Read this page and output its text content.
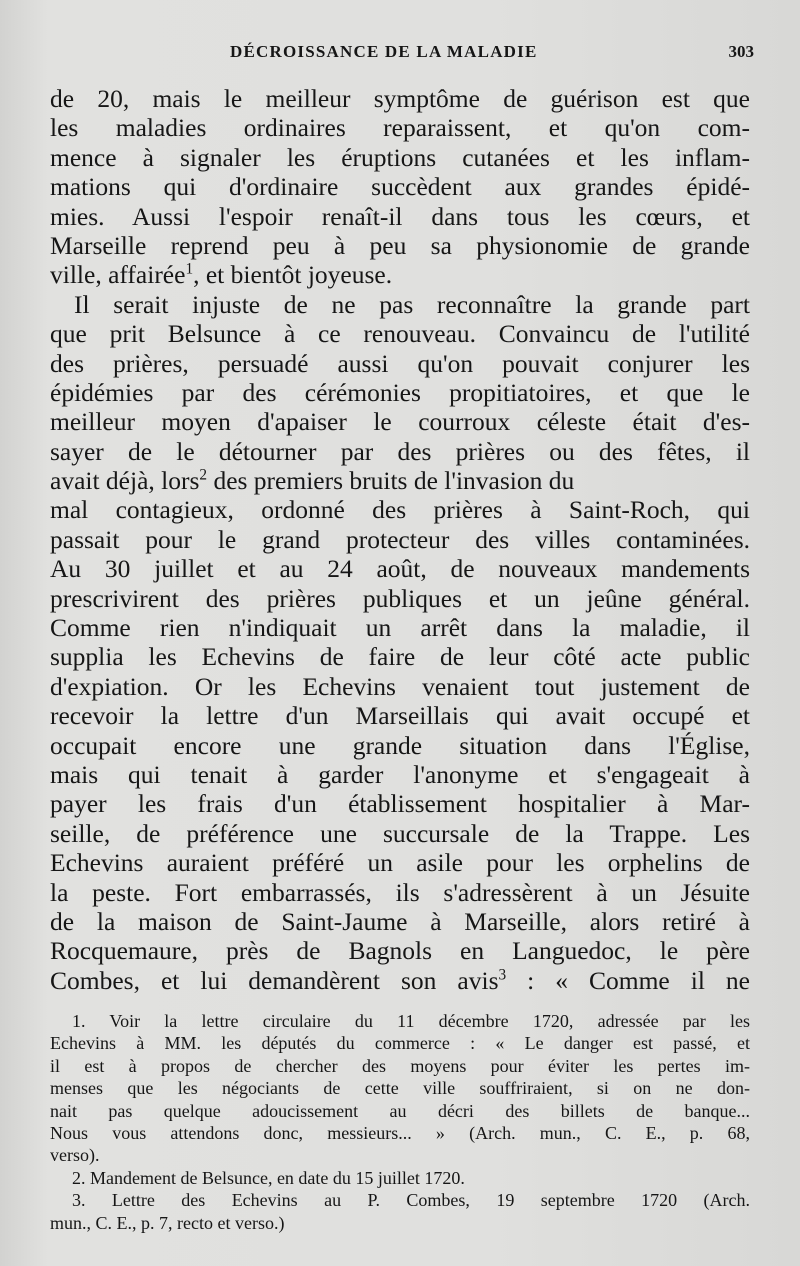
DÉCROISSANCE DE LA MALADIE	303
de 20, mais le meilleur symptôme de guérison est que
les maladies ordinaires reparaissent, et qu'on com-
mence à signaler les éruptions cutanées et les inflam-
mations qui d'ordinaire succèdent aux grandes épidé-
mies. Aussi l'espoir renaît-il dans tous les cœurs, et
Marseille reprend peu à peu sa physionomie de grande
ville, affairée$^1$, et bientôt joyeuse.
Il serait injuste de ne pas reconnaître la grande part
que prit Belsunce à ce renouveau. Convaincu de l'utilité
des prières, persuadé aussi qu'on pouvait conjurer les
épidémies par des cérémonies propitiatoires, et que le
meilleur moyen d'apaiser le courroux céleste était d'es-
sayer de le détourner par des prières ou des fêtes, il
avait déjà, lors$^2$ des premiers bruits de l'invasion du
mal contagieux, ordonné des prières à Saint-Roch, qui
passait pour le grand protecteur des villes contaminées.
Au 30 juillet et au 24 août, de nouveaux mandements
prescrivirent des prières publiques et un jeûne général.
Comme rien n'indiquait un arrêt dans la maladie, il
supplia les Echevins de faire de leur côté acte public
d'expiation. Or les Echevins venaient tout justement de
recevoir la lettre d'un Marseillais qui avait occupé et
occupait encore une grande situation dans l'Église,
mais qui tenait à garder l'anonyme et s'engageait à
payer les frais d'un établissement hospitalier à Mar-
seille, de préférence une succursale de la Trappe. Les
Echevins auraient préféré un asile pour les orphelins de
la peste. Fort embarrassés, ils s'adressèrent à un Jésuite
de la maison de Saint-Jaume à Marseille, alors retiré à
Rocquemaure, près de Bagnols en Languedoc, le père
Combes, et lui demandèrent son avis$^3$ : « Comme il ne
1. Voir la lettre circulaire du 11 décembre 1720, adressée par les
Echevins à MM. les députés du commerce : « Le danger est passé, et
il est à propos de chercher des moyens pour éviter les pertes im-
menses que les négociants de cette ville souffriraient, si on ne don-
nait pas quelque adoucissement au décri des billets de banque...
Nous vous attendons donc, messieurs... » (Arch. mun., C. E., p. 68,
verso).
2. Mandement de Belsunce, en date du 15 juillet 1720.
3. Lettre des Echevins au P. Combes, 19 septembre 1720 (Arch.
mun., C. E., p. 7, recto et verso.)
